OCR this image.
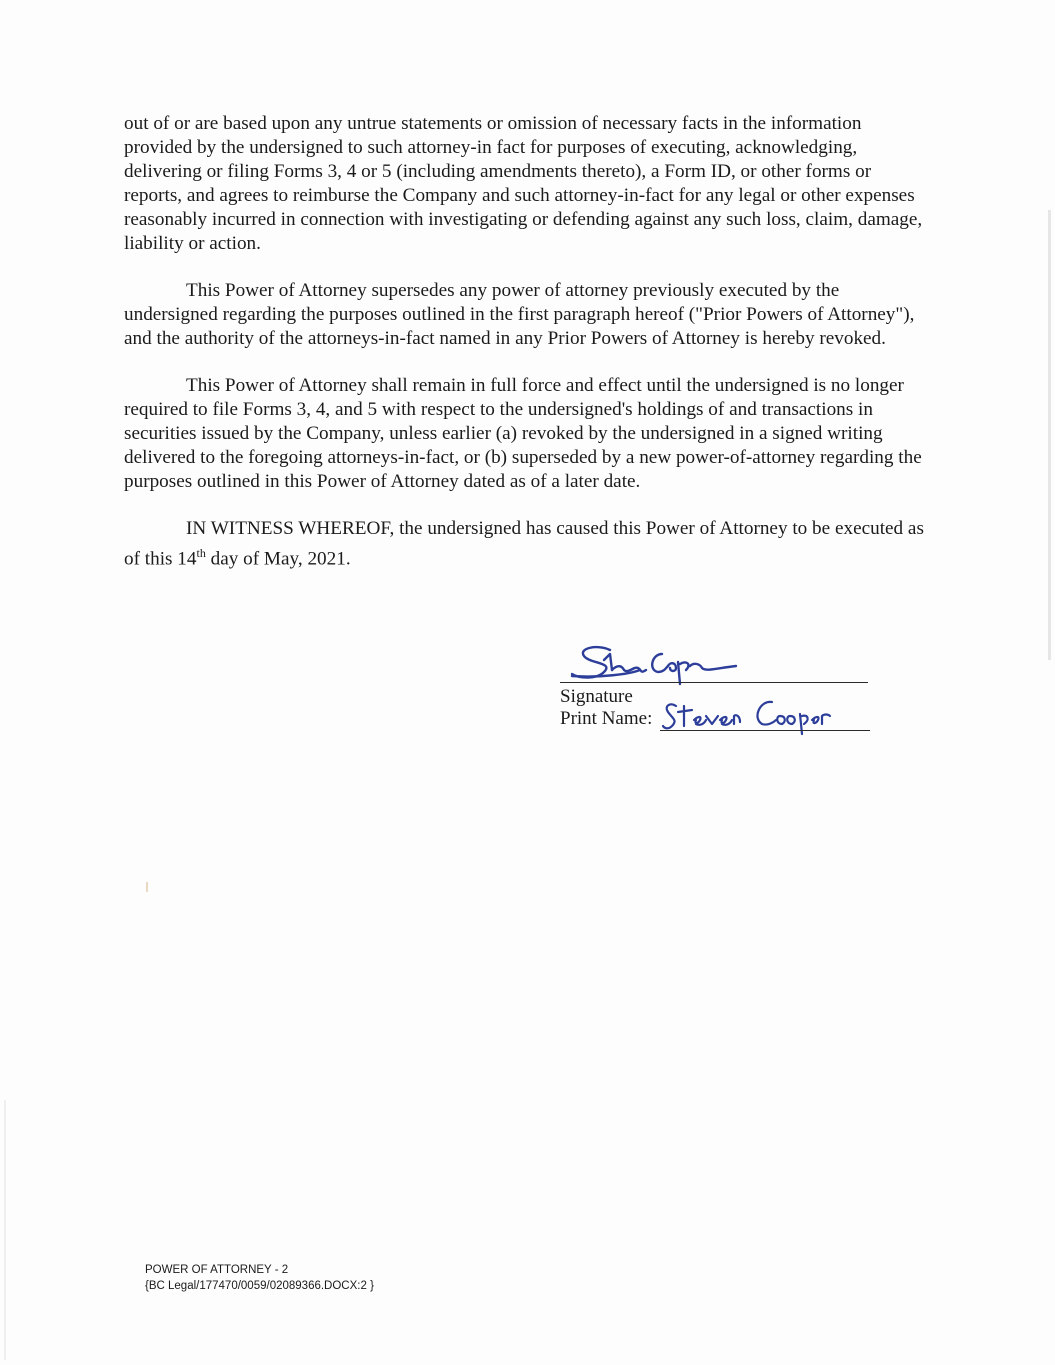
out of or are based upon any untrue statements or omission of necessary facts in the information provided by the undersigned to such attorney-in fact for purposes of executing, acknowledging, delivering or filing Forms 3, 4 or 5 (including amendments thereto), a Form ID, or other forms or reports, and agrees to reimburse the Company and such attorney-in-fact for any legal or other expenses reasonably incurred in connection with investigating or defending against any such loss, claim, damage, liability or action.

This Power of Attorney supersedes any power of attorney previously executed by the undersigned regarding the purposes outlined in the first paragraph hereof ("Prior Powers of Attorney"), and the authority of the attorneys-in-fact named in any Prior Powers of Attorney is hereby revoked.

This Power of Attorney shall remain in full force and effect until the undersigned is no longer required to file Forms 3, 4, and 5 with respect to the undersigned's holdings of and transactions in securities issued by the Company, unless earlier (a) revoked by the undersigned in a signed writing delivered to the foregoing attorneys-in-fact, or (b) superseded by a new power-of-attorney regarding the purposes outlined in this Power of Attorney dated as of a later date.

IN WITNESS WHEREOF, the undersigned has caused this Power of Attorney to be executed as of this 14th day of May, 2021.

Signature
Print Name:
POWER OF ATTORNEY - 2
{BC Legal/177470/0059/02089366.DOCX:2 }
